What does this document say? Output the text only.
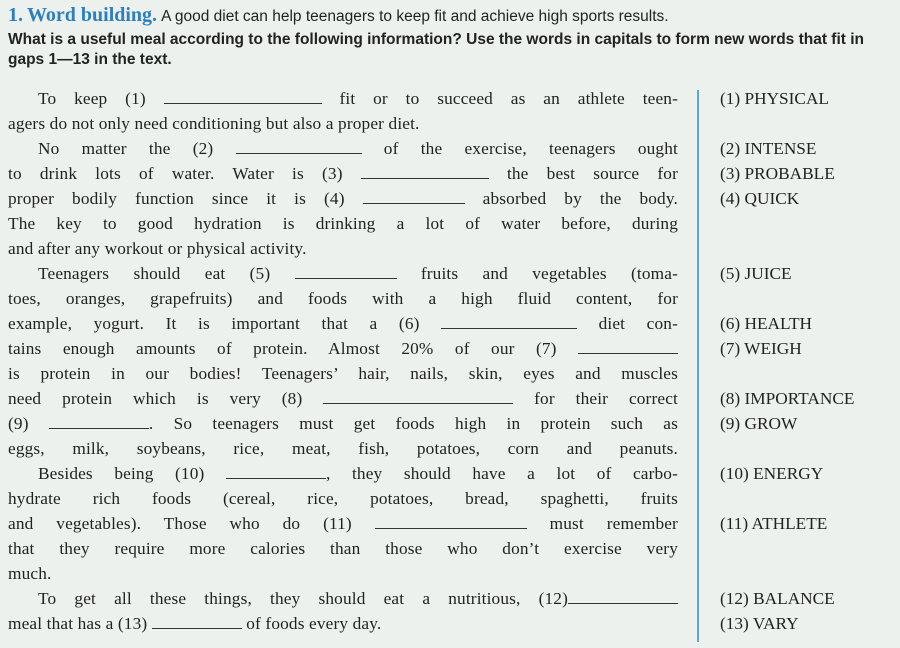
1. Word building. A good diet can help teenagers to keep fit and achieve high sports results.
What is a useful meal according to the following information? Use the words in capitals to form new words that fit in gaps 1—13 in the text.
To keep (1)	fit or to succeed as an athlete teen-
agers do not only need conditioning but also a proper diet.
No matter the (2)	of the exercise, teenagers ought
to drink lots of water. Water is (3)	the best source for
proper bodily function since it is (4)	absorbed by the body.
The key to good hydration is drinking a lot of water before, during
and after any workout or physical activity.
Teenagers should eat (5)	fruits and vegetables (toma-
toes, oranges, grapefruits) and foods with a high fluid content, for
example, yogurt. It is important that a (6)	diet con-
tains enough amounts of protein. Almost 20% of our (7)
is protein in our bodies! Teenagers’ hair, nails, skin, eyes and muscles
need protein which is very (8)	for their correct
(9)	. So teenagers must get foods high in protein such as
eggs, milk, soybeans, rice, meat, fish, potatoes, corn and peanuts.
Besides being (10)	, they should have a lot of carbo-
hydrate rich foods (cereal, rice, potatoes, bread, spaghetti, fruits
and vegetables). Those who do (11)	must remember
that they require more calories than those who don’t exercise very
much.
To get all these things, they should eat a nutritious, (12)
meal that has a (13)	of foods every day.
(1) PHYSICAL
(2) INTENSE
(3) PROBABLE
(4) QUICK
(5) JUICE
(6) HEALTH
(7) WEIGH
(8) IMPORTANCE
(9) GROW
(10) ENERGY
(11) ATHLETE
(12) BALANCE
(13) VARY
